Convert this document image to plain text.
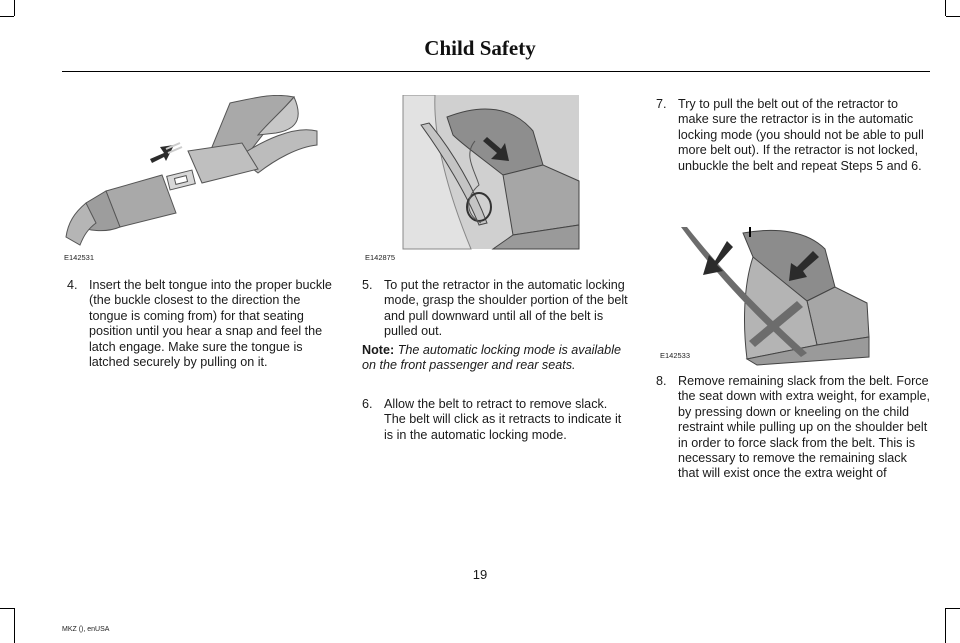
Child Safety
E142531	E142875
E142533
4. Insert the belt tongue into the proper buckle (the buckle closest to the direction the tongue is coming from) for that seating position until you hear a snap and feel the latch engage. Make sure the tongue is latched securely by pulling on it.
5. To put the retractor in the automatic locking mode, grasp the shoulder portion of the belt and pull downward until all of the belt is pulled out.
Note: The automatic locking mode is available on the front passenger and rear seats.
6. Allow the belt to retract to remove slack. The belt will click as it retracts to indicate it is in the automatic locking mode.
7. Try to pull the belt out of the retractor to make sure the retractor is in the automatic locking mode (you should not be able to pull more belt out). If the retractor is not locked, unbuckle the belt and repeat Steps 5 and 6.
8. Remove remaining slack from the belt. Force the seat down with extra weight, for example, by pressing down or kneeling on the child restraint while pulling up on the shoulder belt in order to force slack from the belt. This is necessary to remove the remaining slack that will exist once the extra weight of
19
MKZ (), enUSA
